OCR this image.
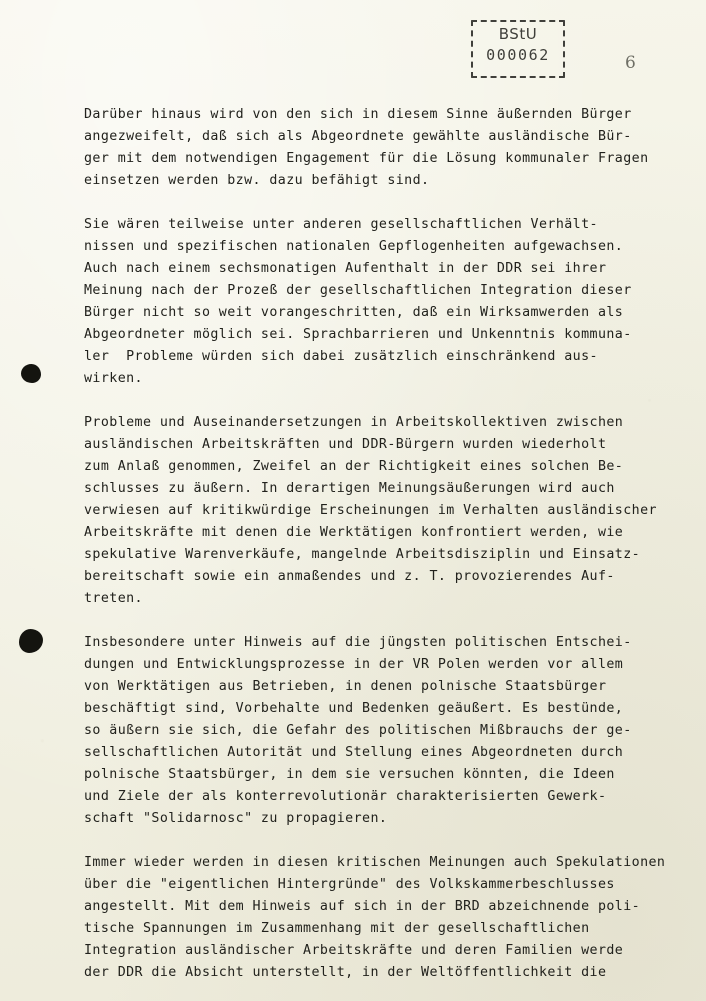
BStU
000062	6
Darüber hinaus wird von den sich in diesem Sinne äußernden Bürger
angezweifelt, daß sich als Abgeordnete gewählte ausländische Bür-
ger mit dem notwendigen Engagement für die Lösung kommunaler Fragen
einsetzen werden bzw. dazu befähigt sind.
Sie wären teilweise unter anderen gesellschaftlichen Verhält-
nissen und spezifischen nationalen Gepflogenheiten aufgewachsen.
Auch nach einem sechsmonatigen Aufenthalt in der DDR sei ihrer
Meinung nach der Prozeß der gesellschaftlichen Integration dieser
Bürger nicht so weit vorangeschritten, daß ein Wirksamwerden als
Abgeordneter möglich sei. Sprachbarrieren und Unkenntnis kommuna-
ler  Probleme würden sich dabei zusätzlich einschränkend aus-
wirken.
Probleme und Auseinandersetzungen in Arbeitskollektiven zwischen
ausländischen Arbeitskräften und DDR-Bürgern wurden wiederholt
zum Anlaß genommen, Zweifel an der Richtigkeit eines solchen Be-
schlusses zu äußern. In derartigen Meinungsäußerungen wird auch
verwiesen auf kritikwürdige Erscheinungen im Verhalten ausländischer
Arbeitskräfte mit denen die Werktätigen konfrontiert werden, wie
spekulative Warenverkäufe, mangelnde Arbeitsdisziplin und Einsatz-
bereitschaft sowie ein anmaßendes und z. T. provozierendes Auf-
treten.
Insbesondere unter Hinweis auf die jüngsten politischen Entschei-
dungen und Entwicklungsprozesse in der VR Polen werden vor allem
von Werktätigen aus Betrieben, in denen polnische Staatsbürger
beschäftigt sind, Vorbehalte und Bedenken geäußert. Es bestünde,
so äußern sie sich, die Gefahr des politischen Mißbrauchs der ge-
sellschaftlichen Autorität und Stellung eines Abgeordneten durch
polnische Staatsbürger, in dem sie versuchen könnten, die Ideen
und Ziele der als konterrevolutionär charakterisierten Gewerk-
schaft "Solidarnosc" zu propagieren.
Immer wieder werden in diesen kritischen Meinungen auch Spekulationen
über die "eigentlichen Hintergründe" des Volkskammerbeschlusses
angestellt. Mit dem Hinweis auf sich in der BRD abzeichnende poli-
tische Spannungen im Zusammenhang mit der gesellschaftlichen
Integration ausländischer Arbeitskräfte und deren Familien werde
der DDR die Absicht unterstellt, in der Weltöffentlichkeit die
